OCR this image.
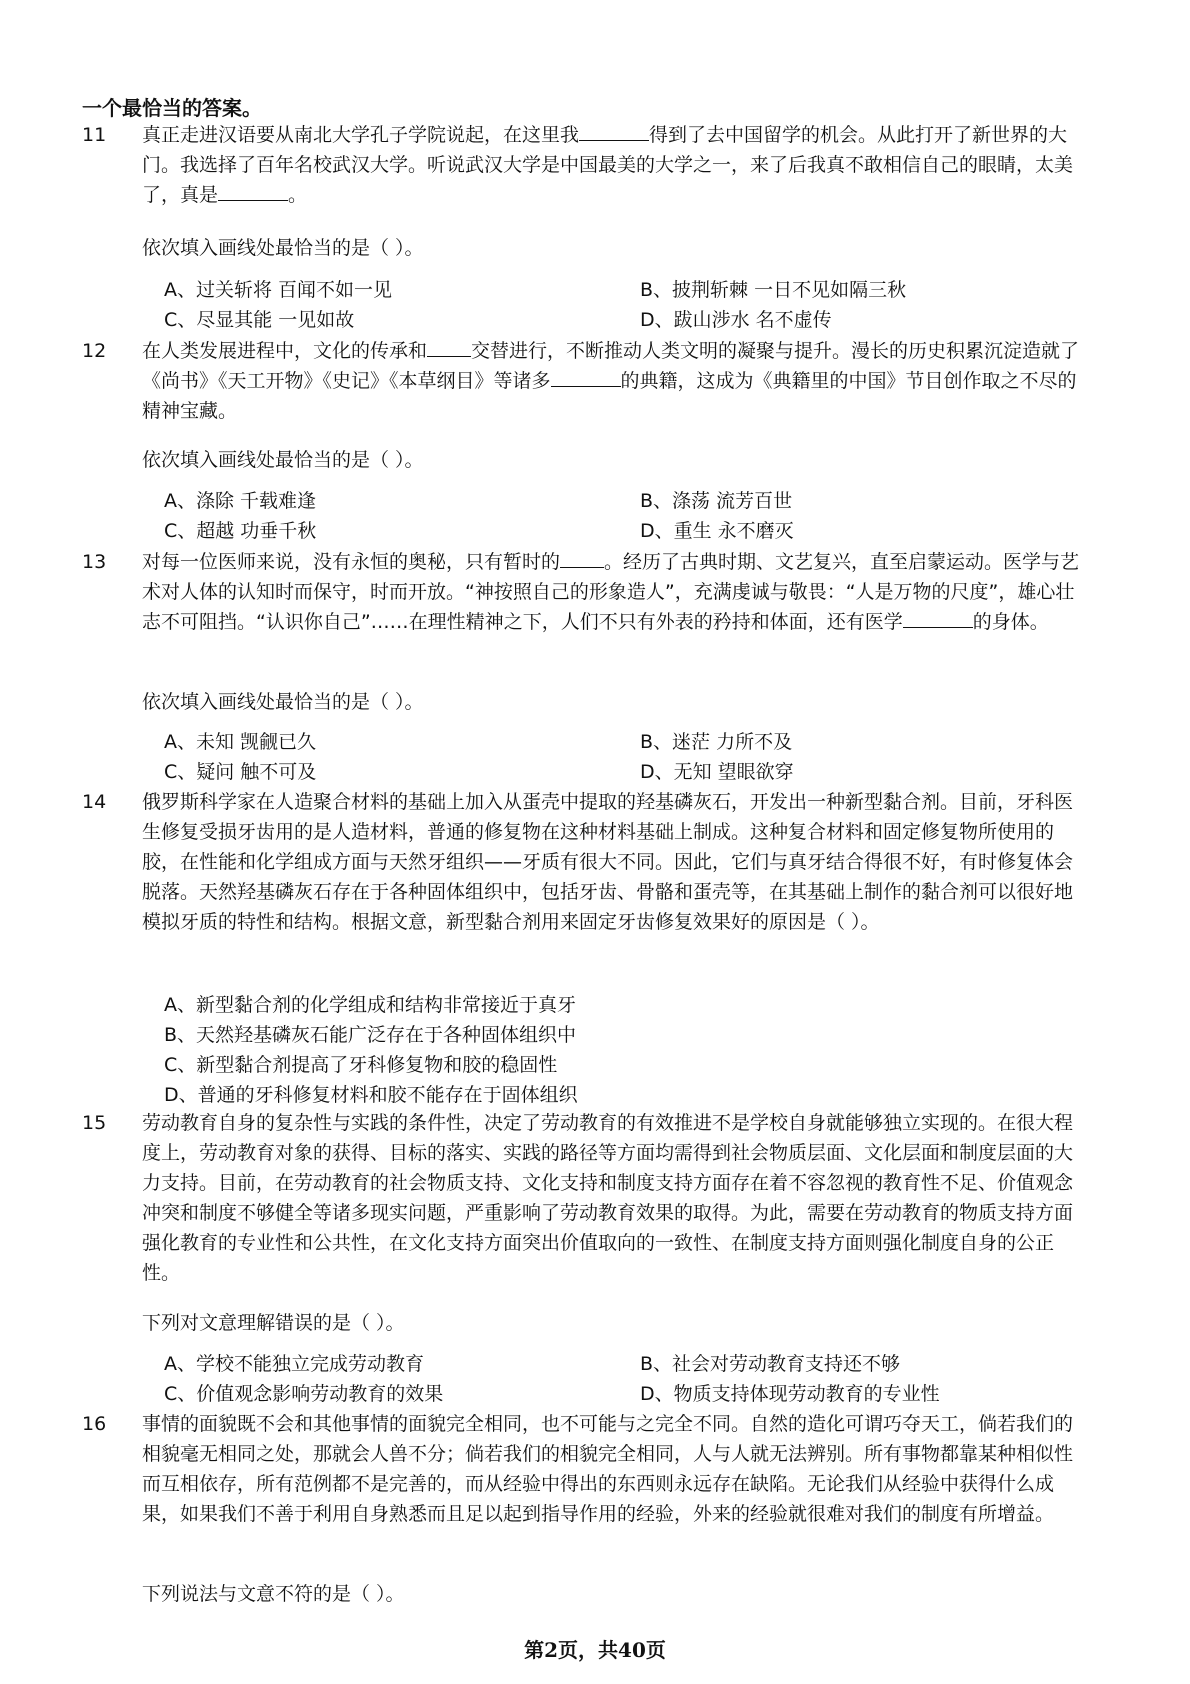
一个最恰当的答案。
11	真正走进汉语要从南北大学孔子学院说起，在这里我	得到了去中国留学的机会。从此打开了新世界的大门。我选择了百年名校武汉大学。听说武汉大学是中国最美的大学之一，来了后我真不敢相信自己的眼睛，太美了，真是	。

依次填入画线处最恰当的是（ ）。
A、过关斩将 百闻不如一见	B、披荆斩棘 一日不见如隔三秋
C、尽显其能 一见如故	D、跋山涉水 名不虚传
12	在人类发展进程中，文化的传承和 交替进行，不断推动人类文明的凝聚与提升。漫长的历史积累沉淀造就了《尚书》《天工开物》《史记》《本草纲目》等诸多	的典籍，这成为《典籍里的中国》节目创作取之不尽的精神宝藏。

依次填入画线处最恰当的是（ ）。
A、涤除 千载难逢	B、涤荡 流芳百世
C、超越 功垂千秋	D、重生 永不磨灭
13	对每一位医师来说，没有永恒的奥秘，只有暂时的 。经历了古典时期、文艺复兴，直至启蒙运动。医学与艺术对人体的认知时而保守，时而开放。“神按照自己的形象造人”，充满虔诚与敬畏：“人是万物的尺度”，雄心壮志不可阻挡。“认识你自己”……在理性精神之下，人们不只有外表的矜持和体面，还有医学	的身体。

依次填入画线处最恰当的是（ ）。
A、未知 觊觎已久	B、迷茫 力所不及
C、疑问 触不可及	D、无知 望眼欲穿
14	俄罗斯科学家在人造聚合材料的基础上加入从蛋壳中提取的羟基磷灰石，开发出一种新型黏合剂。目前，牙科医生修复受损牙齿用的是人造材料，普通的修复物在这种材料基础上制成。这种复合材料和固定修复物所使用的胶，在性能和化学组成方面与天然牙组织——牙质有很大不同。因此，它们与真牙结合得很不好，有时修复体会脱落。天然羟基磷灰石存在于各种固体组织中，包括牙齿、骨骼和蛋壳等，在其基础上制作的黏合剂可以很好地模拟牙质的特性和结构。根据文意，新型黏合剂用来固定牙齿修复效果好的原因是（ ）。

A、新型黏合剂的化学组成和结构非常接近于真牙
B、天然羟基磷灰石能广泛存在于各种固体组织中
C、新型黏合剂提高了牙科修复物和胶的稳固性
D、普通的牙科修复材料和胶不能存在于固体组织
15	劳动教育自身的复杂性与实践的条件性，决定了劳动教育的有效推进不是学校自身就能够独立实现的。在很大程度上，劳动教育对象的获得、目标的落实、实践的路径等方面均需得到社会物质层面、文化层面和制度层面的大力支持。目前，在劳动教育的社会物质支持、文化支持和制度支持方面存在着不容忽视的教育性不足、价值观念冲突和制度不够健全等诸多现实问题，严重影响了劳动教育效果的取得。为此，需要在劳动教育的物质支持方面强化教育的专业性和公共性，在文化支持方面突出价值取向的一致性、在制度支持方面则强化制度自身的公正性。

下列对文意理解错误的是（ ）。
A、学校不能独立完成劳动教育	B、社会对劳动教育支持还不够
C、价值观念影响劳动教育的效果	D、物质支持体现劳动教育的专业性
16	事情的面貌既不会和其他事情的面貌完全相同，也不可能与之完全不同。自然的造化可谓巧夺天工，倘若我们的相貌毫无相同之处，那就会人兽不分；倘若我们的相貌完全相同，人与人就无法辨别。所有事物都靠某种相似性而互相依存，所有范例都不是完善的，而从经验中得出的东西则永远存在缺陷。无论我们从经验中获得什么成果，如果我们不善于利用自身熟悉而且足以起到指导作用的经验，外来的经验就很难对我们的制度有所增益。

下列说法与文意不符的是（ ）。
第2页，共40页
